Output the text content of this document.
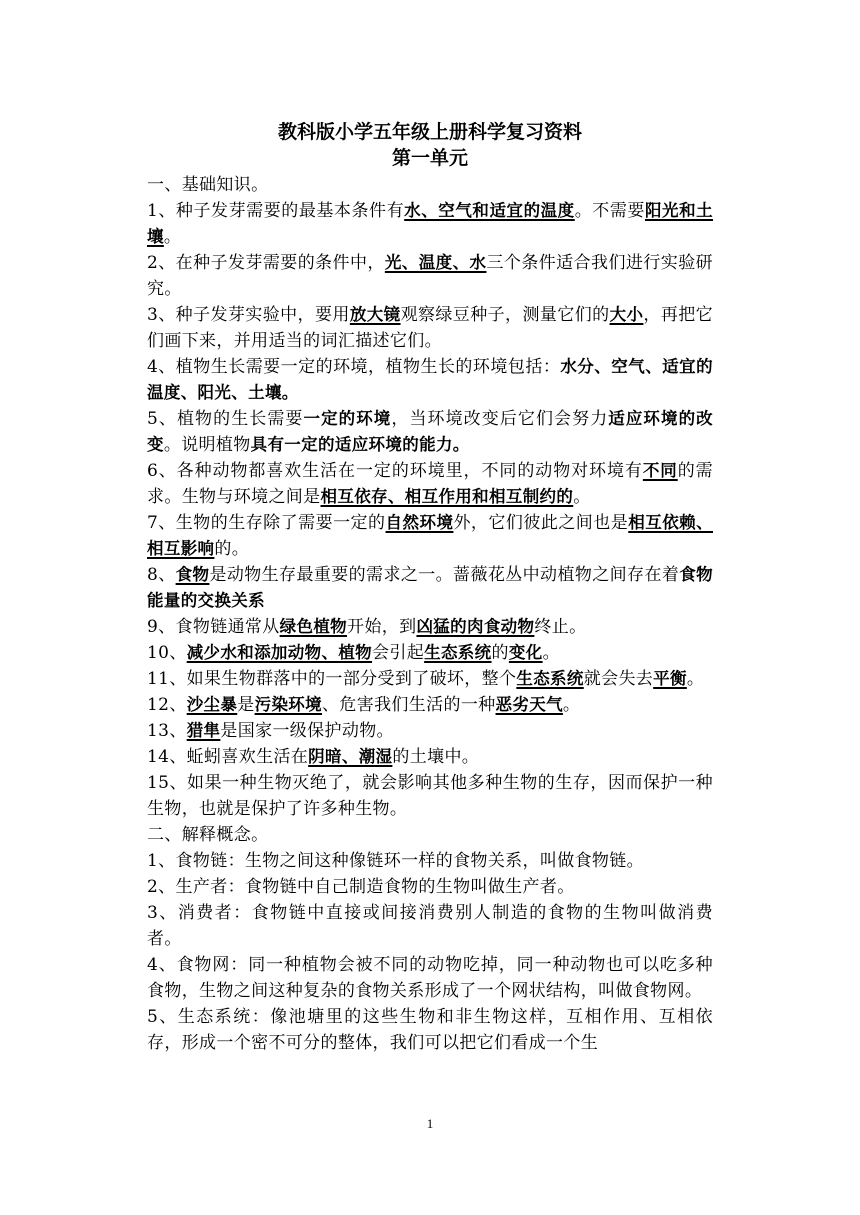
教科版小学五年级上册科学复习资料
第一单元

一、基础知识。

1、种子发芽需要的最基本条件有水、空气和适宜的温度。不需要阳光和土壤。

2、在种子发芽需要的条件中，光、温度、水三个条件适合我们进行实验研究。

3、种子发芽实验中，要用放大镜观察绿豆种子，测量它们的大小，再把它们画下来，并用适当的词汇描述它们。

4、植物生长需要一定的环境，植物生长的环境包括：水分、空气、适宜的温度、阳光、土壤。

5、植物的生长需要一定的环境，当环境改变后它们会努力适应环境的改变。说明植物具有一定的适应环境的能力。

6、各种动物都喜欢生活在一定的环境里，不同的动物对环境有不同的需求。生物与环境之间是相互依存、相互作用和相互制约的。

7、生物的生存除了需要一定的自然环境外，它们彼此之间也是相互依赖、相互影响的。

8、食物是动物生存最重要的需求之一。蔷薇花丛中动植物之间存在着食物能量的交换关系

9、食物链通常从绿色植物开始，到凶猛的肉食动物终止。

10、减少水和添加动物、植物会引起生态系统的变化。

11、如果生物群落中的一部分受到了破坏，整个生态系统就会失去平衡。

12、沙尘暴是污染环境、危害我们生活的一种恶劣天气。

13、猎隼是国家一级保护动物。

14、蚯蚓喜欢生活在阴暗、潮湿的土壤中。

15、如果一种生物灭绝了，就会影响其他多种生物的生存，因而保护一种生物，也就是保护了许多种生物。

二、解释概念。

1、食物链：生物之间这种像链环一样的食物关系，叫做食物链。

2、生产者：食物链中自己制造食物的生物叫做生产者。

3、消费者：食物链中直接或间接消费别人制造的食物的生物叫做消费者。

4、食物网：同一种植物会被不同的动物吃掉，同一种动物也可以吃多种食物，生物之间这种复杂的食物关系形成了一个网状结构，叫做食物网。

5、生态系统：像池塘里的这些生物和非生物这样，互相作用、互相依存，形成一个密不可分的整体，我们可以把它们看成一个生

1
